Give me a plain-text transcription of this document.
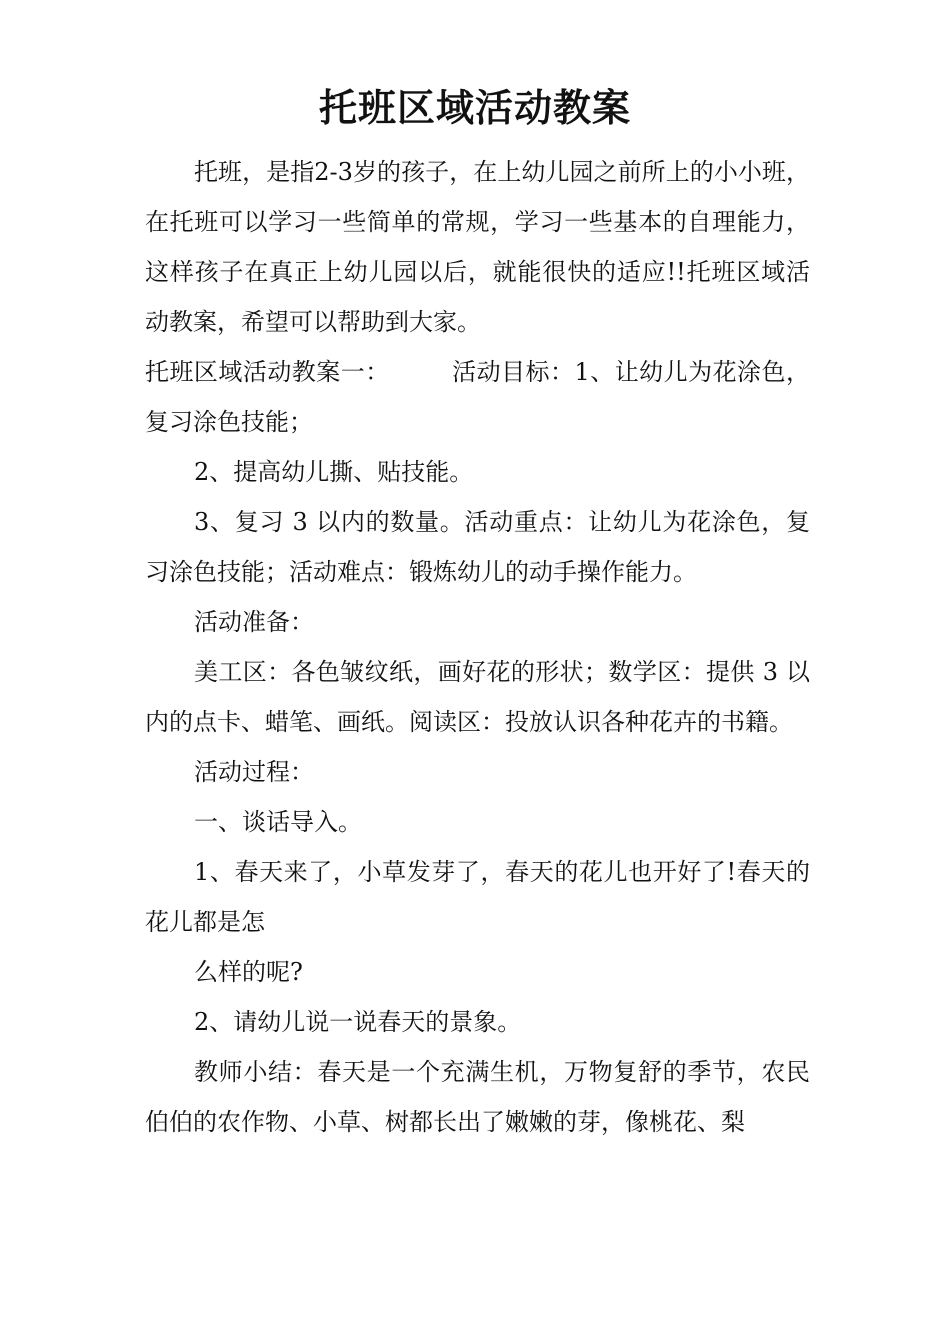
托班区域活动教案

托班，是指2-3岁的孩子，在上幼儿园之前所上的小小班，在托班可以学习一些简单的常规，学习一些基本的自理能力，这样孩子在真正上幼儿园以后，就能很快的适应!!托班区域活动教案，希望可以帮助到大家。

托班区域活动教案一：	活动目标：1、让幼儿为花涂色，复习涂色技能；

2、提高幼儿撕、贴技能。

3、复习 3 以内的数量。活动重点：让幼儿为花涂色，复习涂色技能；活动难点：锻炼幼儿的动手操作能力。

活动准备：

美工区：各色皱纹纸，画好花的形状；数学区：提供 3 以内的点卡、蜡笔、画纸。阅读区：投放认识各种花卉的书籍。

活动过程：

一、谈话导入。

1、春天来了，小草发芽了，春天的花儿也开好了!春天的花儿都是怎

么样的呢?

2、请幼儿说一说春天的景象。

教师小结：春天是一个充满生机，万物复舒的季节，农民伯伯的农作物、小草、树都长出了嫩嫩的芽，像桃花、梨
